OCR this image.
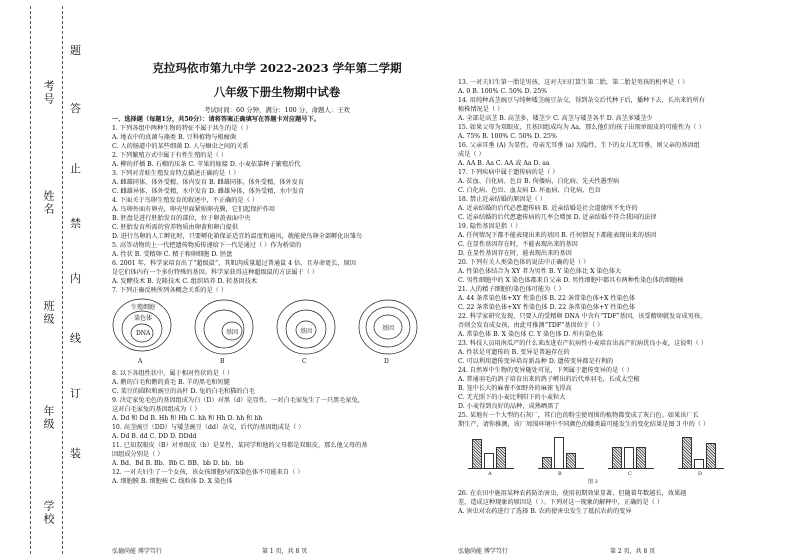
学校
年级
班级
姓名
考号
装
订
线
内
禁
止
答
题
克拉玛依市第九中学 2022-2023 学年第二学期
八年级下册生物期中试卷
考试时间：60 分钟，满分：100 分，命题人：王欢

一、选择题（每题1分，共50分）：请将答案正确填写在答题卡对应题号下。

1. 下列各组中两种生物的特征不属于共生的是（ ）

A. 地衣中的真菌与藻类 B. 豆科植物与根瘤菌

C. 人的肠道中的某些细菌 D. 人与蛔虫之间的关系

2. 下列繁殖方式中属于有性生殖的是（ ）

A. 柳的扦插 B. 石榴的压条 C. 苹果的嫁接 D. 小麦依靠种子繁殖后代

3. 下列对青蛙生殖发育特点描述正确的是（ ）

A. 雌雄同体，体外受精，体内发育 B. 雌雄同体，体外受精，体外发育

C. 雌雄异体，体外受精，水中发育 D. 雌雄异体，体外受精，水中发育

4. 下面关于鸟卵生殖发育的叙述中，不正确的是（ ）

A. 鸟卵外面有卵壳，卵壳里面紧贴卵壳膜，它们起保护作用

B. 胚盘是进行胚胎发育的部位，位于卵黄表面中央

C. 胚胎发育所需的营养物质由卵黄和卵白提供

D. 进行鸟卵的人工孵化时，只要孵化箱保证适宜的温度和通风，就能使鸟卵全部孵化出雏鸟

5. 高等动物的上一代把遗传物质传递给下一代是通过（ ）作为桥梁的

A. 性状 B. 受精卵 C. 精子和卵细胞 D. 胚盘

6. 2001 年，科学家培育出了“超级鼠”，其肌肉质量超过普通鼠 4 倍，且寿命更长，原因

是它们体内有一个多份特殊的基因。科学家获得这种超级鼠的方法属于（ ）

A. 发酵技术 B. 克隆技术 C. 组织培养 D. 转基因技术

7. 下列正确反映所列各概念关系的是（ ）

生殖细胞
染色体
DNA
A
基因
B
基因
C
基因
D

8. 以下各组性状中，属于相对性状的是（ ）

A. 鹅的白毛和鹅的黄毛 B. 羊的黑毛和短腿

C. 菜豆的圆粒和豌豆的高杆 D. 兔的白毛和猫的白毛

9. 決定家兔毛色的基因组成为白（D）对黑（d）是显性，一对白毛家兔生了一只黑毛家兔，

这对白毛家兔的基因组成为（ ）

A. Dd 和 Dd B. Hh 和 Hh C. hh 和 Hh D. hh 和 hh

10. 高茎豌豆（DD）与矮茎豌豆（dd）杂交，后代的基因组成是（ ）

A. Dd B. dd C. DD D. DDdd

11. 已知双眼皮（B）对单眼皮（b）是显性，某同学和他的父母都是双眼皮，那么他父母的基

因组成分别是（ ）

A. Bd、Bd B. Bb、Bb C. BB、bb D. bb、bb

12. 一对夫妇生了一个女孩，该女孩细胞内的X染色体不可能来自（ ）

A. 细胞膜 B. 细胞核 C. 线粒体 D. X 染色体

13. 一对夫妇生第一胎是男孩，这对夫妇打算生第二胎，第二胎是男孩的机率是（ ）

A. 0 B. 100% C. 50% D. 25%

14. 用纯种高茎豌豆与纯种矮茎豌豆杂交，得到杂交后代种子后，播种下去，长出来的所有

植株情况是（ ）

A. 全部是高茎 B. 高茎多，矮茎少 C. 高茎与矮茎各半 D. 高茎多矮茎少

15. 如果父母为双眼皮，且基因组成均为 Aa，那么他们的孩子出现单眼皮的可能性为（ ）

A. 75% B. 100% C. 50% D. 25%

16. 父亲耳垂 (A) 为显性，母亲无耳垂 (a) 为隐性，生下的女儿无耳垂，则父亲的基因组

成是（ ）

A. AA B. Aa C. AA 或 Aa D. aa

17. 下列疾病中属于遗传病的是（ ）

A. 贫血、白化病、色盲 B. 佝偻病、白化病、先天性愚型病

C. 白化病、色盲、血友病 D. 坏血病、白化病、色盲

18. 禁止近亲结婚的原因是（ ）

A. 近亲结婚的后代必患遗传病 B. 近亲结婚是社会道德所不允许的

C. 近亲结婚的后代患遗传病的几率会增加 D. 近亲结婚不符合我国的法律

19. 隐性基因是指（ ）

A. 任何情况下都不能表现出来的基因 B. 任何情况下都能表现出来的基因

C. 在显性基因存在时，不能表现出来的基因

D. 在显性基因存在时，能表现出来的基因

20. 下列有关人类染色体的说法中正确的是（ ）

A. 性染色体结合为 XY 者为男性 B. Y 染色体比 X 染色体大

C. 男性细胞中的 X 染色体都来自父亲 D. 男性细胞中都具有两种性染色体的细胞核

21. 人的精子细胞的染色体可能为（ ）

A. 44 条常染色体+XY 性染色体 B. 22 条常染色体+X 性染色体

C. 22 条常染色体+XY 性染色体 D. 22 条常染色体+Y 性染色体

22. 科学家研究发现，只要人的受精卵 DNA 中含有“TDF”基因，该受精卵就发育成男孩，

否则会发育成女孩，由此可推测“TDF”基因位于（ ）

A. 常染色体 B. X 染色体 C. Y 染色体 D. 所有染色体

23. 科技人员用南瓜产的什么来改进农产抗病性小麦培育出高产抗病优良小麦，这说明（ ）

A. 性状是可遗传的 B. 变异是普遍存在的

C. 可以利用遗传变异培育新品种 D. 遗传变异都是有利的

24. 自然界中生物的变异随处可见，下列属于遗传变异的是（ ）

A. 普通羽毛的鸽子培育出来的鸽子孵出的后代单羽毛，长成太空椒

B. 笼中长大的麻雀不如野外的麻雀飞得高

C. 无光照下的小麦比利阳下的小麦粒大

D. 小麦得到良好的品种，成熟晒黑了

25. 某地有一个大型的石灰厂，其白色的粉尘使周围的植物都变成了灰白色。如果该厂长

期生产，请你推测，该厂周围环境中不同颜色的蛾类最可能发生的变化结果是图 3 中的（ ）

A	B	C	D
图 3

26. 在农田中施用某种农药防治害虫，使用初期效果显著，但随着年数越长，效果越

差，造成这种现象的原因是（ ）。下列对这一现象的解释中，正确的是（ ）

A. 害虫对农药进行了选择 B. 农药使害虫发生了抵抗农药的变异

弘德尚能 博学笃行	第 1 页，共 8 页	弘德尚能 博学笃行	第 2 页，共 8 页
